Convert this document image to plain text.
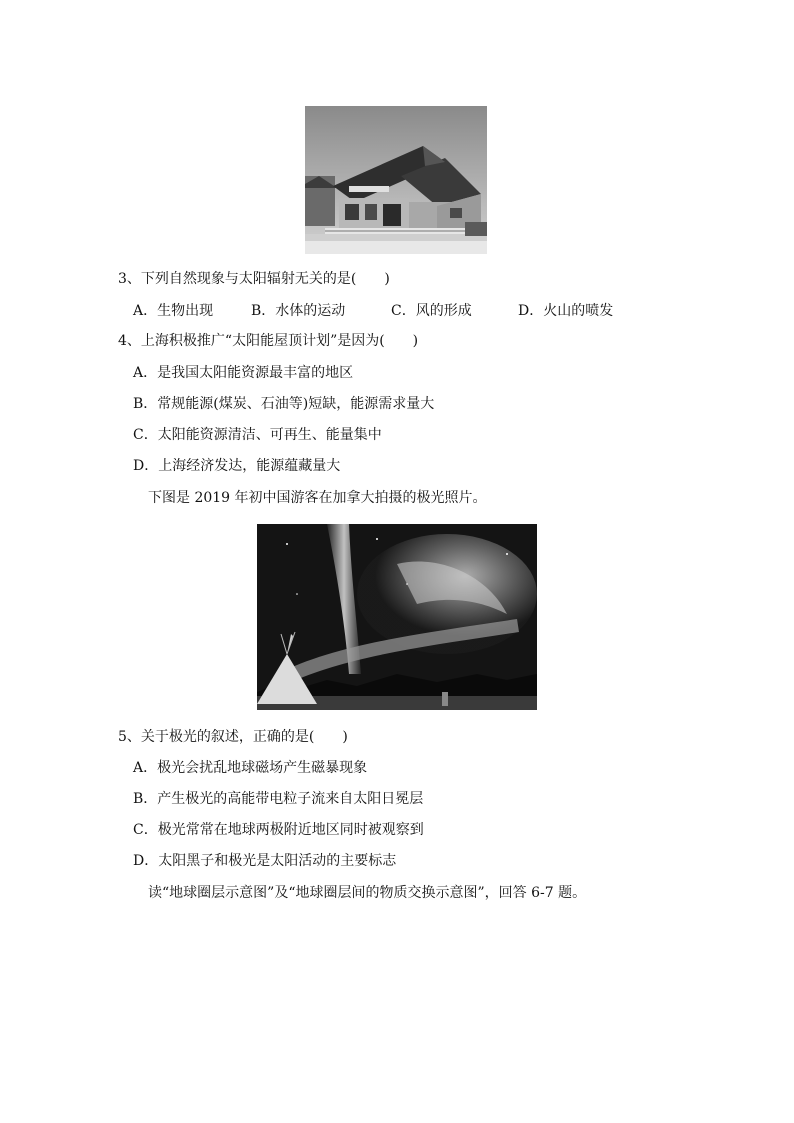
3、下列自然现象与太阳辐射无关的是(　　)
A．生物出现	B．水体的运动	C．风的形成	D．火山的喷发
4、上海积极推广“太阳能屋顶计划”是因为(　　)
A．是我国太阳能资源最丰富的地区
B．常规能源(煤炭、石油等)短缺，能源需求量大
C．太阳能资源清洁、可再生、能量集中
D．上海经济发达，能源蕴藏量大
下图是 2019 年初中国游客在加拿大拍摄的极光照片。
5、关于极光的叙述，正确的是(　　)
A．极光会扰乱地球磁场产生磁暴现象
B．产生极光的高能带电粒子流来自太阳日冕层
C．极光常常在地球两极附近地区同时被观察到
D．太阳黑子和极光是太阳活动的主要标志
读“地球圈层示意图”及“地球圈层间的物质交换示意图”，回答 6-7 题。
